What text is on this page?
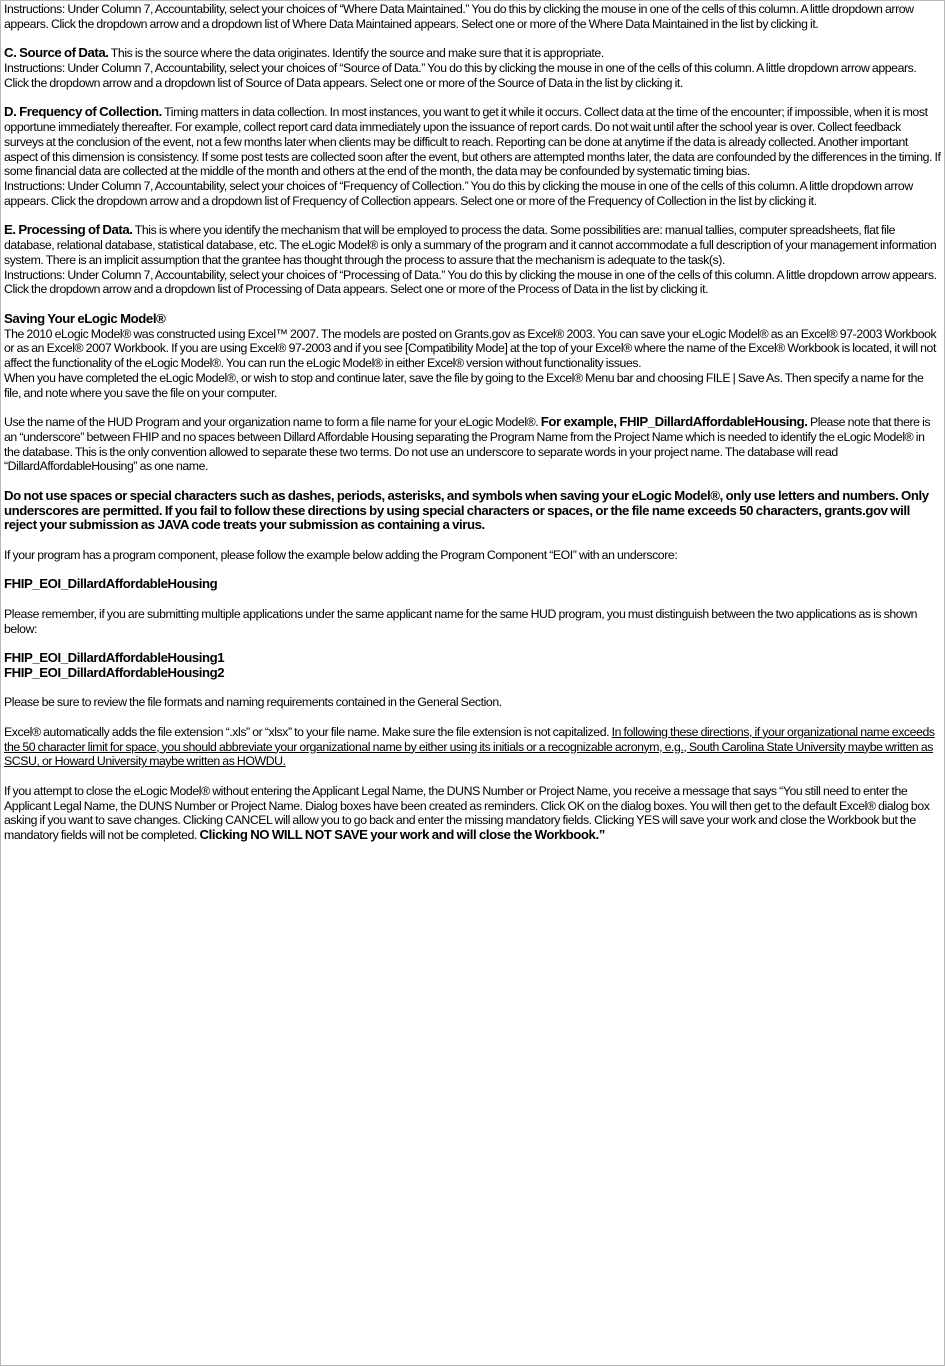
Instructions: Under Column 7, Accountability, select your choices of “Where Data Maintained.” You do this by clicking the mouse in one of the cells of this column. A little dropdown arrow appears. Click the dropdown arrow and a dropdown list of Where Data Maintained appears. Select one or more of the Where Data Maintained in the list by clicking it.

C. Source of Data. This is the source where the data originates. Identify the source and make sure that it is appropriate.

Instructions: Under Column 7, Accountability, select your choices of “Source of Data.” You do this by clicking the mouse in one of the cells of this column. A little dropdown arrow appears. Click the dropdown arrow and a dropdown list of Source of Data appears. Select one or more of the Source of Data in the list by clicking it.

D. Frequency of Collection. Timing matters in data collection. In most instances, you want to get it while it occurs. Collect data at the time of the encounter; if impossible, when it is most opportune immediately thereafter. For example, collect report card data immediately upon the issuance of report cards. Do not wait until after the school year is over. Collect feedback surveys at the conclusion of the event, not a few months later when clients may be difficult to reach. Reporting can be done at anytime if the data is already collected. Another important aspect of this dimension is consistency. If some post tests are collected soon after the event, but others are attempted months later, the data are confounded by the differences in the timing. If some financial data are collected at the middle of the month and others at the end of the month, the data may be confounded by systematic timing bias.

Instructions: Under Column 7, Accountability, select your choices of “Frequency of Collection.” You do this by clicking the mouse in one of the cells of this column. A little dropdown arrow appears. Click the dropdown arrow and a dropdown list of Frequency of Collection appears. Select one or more of the Frequency of Collection in the list by clicking it.

E. Processing of Data. This is where you identify the mechanism that will be employed to process the data. Some possibilities are: manual tallies, computer spreadsheets, flat file database, relational database, statistical database, etc. The eLogic Model® is only a summary of the program and it cannot accommodate a full description of your management information system. There is an implicit assumption that the grantee has thought through the process to assure that the mechanism is adequate to the task(s).

Instructions: Under Column 7, Accountability, select your choices of “Processing of Data.” You do this by clicking the mouse in one of the cells of this column. A little dropdown arrow appears. Click the dropdown arrow and a dropdown list of Processing of Data appears. Select one or more of the Process of Data in the list by clicking it.

Saving Your eLogic Model®

The 2010 eLogic Model® was constructed using Excel™ 2007. The models are posted on Grants.gov as Excel® 2003. You can save your eLogic Model® as an Excel® 97-2003 Workbook or as an Excel® 2007 Workbook. If you are using Excel® 97-2003 and if you see [Compatibility Mode] at the top of your Excel® where the name of the Excel® Workbook is located, it will not affect the functionality of the eLogic Model®. You can run the eLogic Model® in either Excel® version without functionality issues.

When you have completed the eLogic Model®, or wish to stop and continue later, save the file by going to the Excel® Menu bar and choosing FILE | Save As. Then specify a name for the file, and note where you save the file on your computer.

Use the name of the HUD Program and your organization name to form a file name for your eLogic Model®. For example, FHIP_DillardAffordableHousing. Please note that there is an “underscore” between FHIP and no spaces between Dillard Affordable Housing separating the Program Name from the Project Name which is needed to identify the eLogic Model® in the database. This is the only convention allowed to separate these two terms. Do not use an underscore to separate words in your project name. The database will read “DillardAffordableHousing” as one name.

Do not use spaces or special characters such as dashes, periods, asterisks, and symbols when saving your eLogic Model®, only use letters and numbers. Only underscores are permitted. If you fail to follow these directions by using special characters or spaces, or the file name exceeds 50 characters, grants.gov will reject your submission as JAVA code treats your submission as containing a virus.

If your program has a program component, please follow the example below adding the Program Component “EOI” with an underscore:

FHIP_EOI_DillardAffordableHousing

Please remember, if you are submitting multiple applications under the same applicant name for the same HUD program, you must distinguish between the two applications as is shown below:

FHIP_EOI_DillardAffordableHousing1

FHIP_EOI_DillardAffordableHousing2

Please be sure to review the file formats and naming requirements contained in the General Section.

Excel® automatically adds the file extension “.xls” or “xlsx” to your file name. Make sure the file extension is not capitalized. In following these directions, if your organizational name exceeds the 50 character limit for space, you should abbreviate your organizational name by either using its initials or a recognizable acronym, e.g., South Carolina State University maybe written as SCSU, or Howard University maybe written as HOWDU.

If you attempt to close the eLogic Model® without entering the Applicant Legal Name, the DUNS Number or Project Name, you receive a message that says “You still need to enter the Applicant Legal Name, the DUNS Number or Project Name. Dialog boxes have been created as reminders. Click OK on the dialog boxes. You will then get to the default Excel® dialog box asking if you want to save changes. Clicking CANCEL will allow you to go back and enter the missing mandatory fields. Clicking YES will save your work and close the Workbook but the mandatory fields will not be completed. Clicking NO WILL NOT SAVE your work and will close the Workbook.”
